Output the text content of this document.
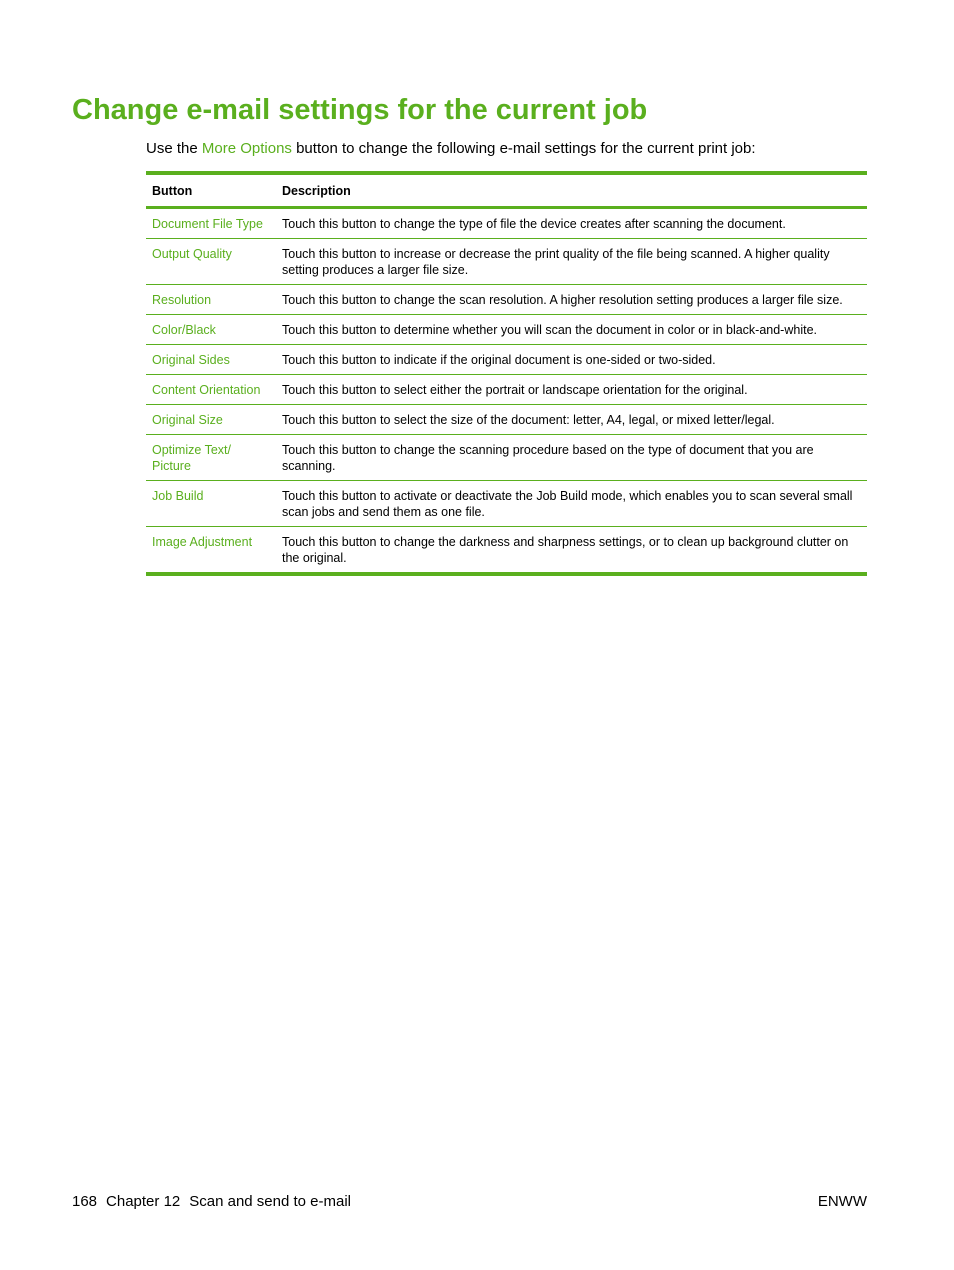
Change e-mail settings for the current job
Use the More Options button to change the following e-mail settings for the current print job:
Button	Description
Document File Type	Touch this button to change the type of file the device creates after scanning the document.
Output Quality	Touch this button to increase or decrease the print quality of the file being scanned. A higher quality setting produces a larger file size.
Resolution	Touch this button to change the scan resolution. A higher resolution setting produces a larger file size.
Color/Black	Touch this button to determine whether you will scan the document in color or in black-and-white.
Original Sides	Touch this button to indicate if the original document is one-sided or two-sided.
Content Orientation	Touch this button to select either the portrait or landscape orientation for the original.
Original Size	Touch this button to select the size of the document: letter, A4, legal, or mixed letter/legal.
Optimize Text/ Picture	Touch this button to change the scanning procedure based on the type of document that you are scanning.
Job Build	Touch this button to activate or deactivate the Job Build mode, which enables you to scan several small scan jobs and send them as one file.
Image Adjustment	Touch this button to change the darkness and sharpness settings, or to clean up background clutter on the original.
168 Chapter 12 Scan and send to e-mail	ENWW
